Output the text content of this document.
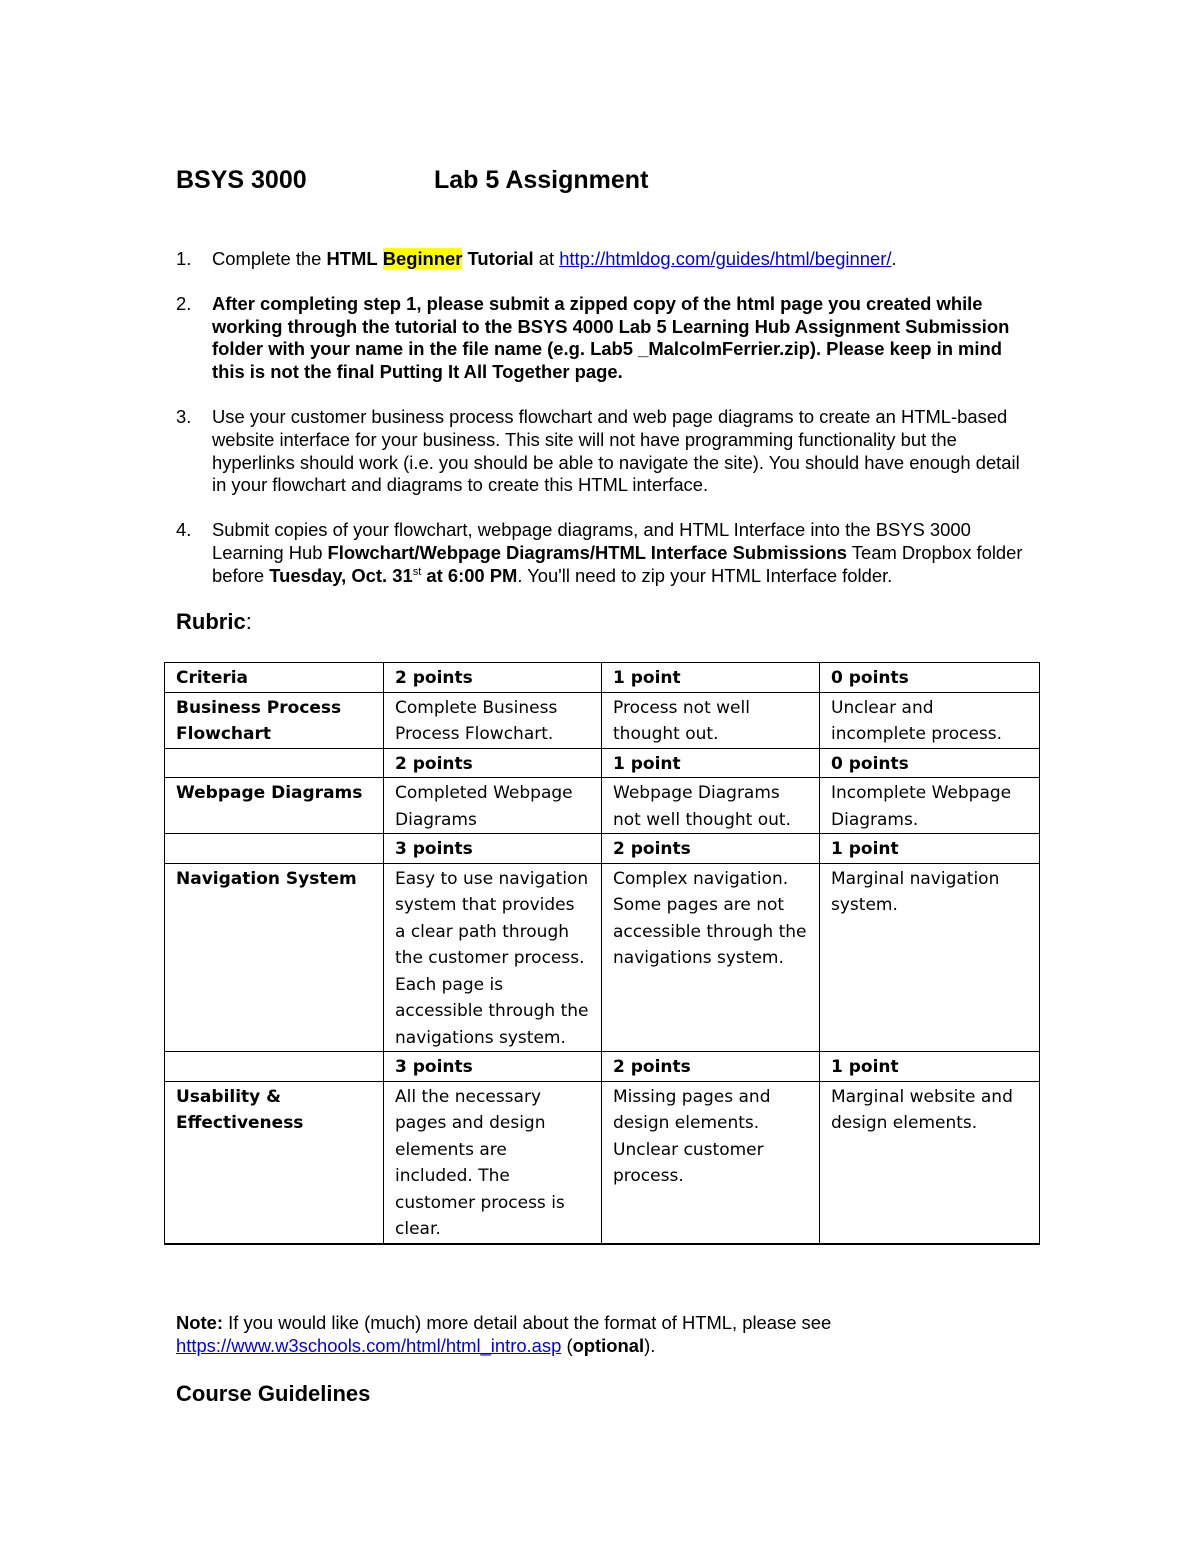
BSYS 3000	Lab 5 Assignment
1. Complete the HTML Beginner Tutorial at http://htmldog.com/guides/html/beginner/.
2. After completing step 1, please submit a zipped copy of the html page you created while working through the tutorial to the BSYS 4000 Lab 5 Learning Hub Assignment Submission folder with your name in the file name (e.g. Lab5 _MalcolmFerrier.zip). Please keep in mind this is not the final Putting It All Together page.
3. Use your customer business process flowchart and web page diagrams to create an HTML-based website interface for your business. This site will not have programming functionality but the hyperlinks should work (i.e. you should be able to navigate the site). You should have enough detail in your flowchart and diagrams to create this HTML interface.
4. Submit copies of your flowchart, webpage diagrams, and HTML Interface into the BSYS 3000 Learning Hub Flowchart/Webpage Diagrams/HTML Interface Submissions Team Dropbox folder before Tuesday, Oct. 31st at 6:00 PM. You'll need to zip your HTML Interface folder.
Rubric:
Criteria	2 points	1 point	0 points
Business Process Flowchart	Complete Business Process Flowchart.	Process not well thought out.	Unclear and incomplete process.
	2 points	1 point	0 points
Webpage Diagrams	Completed Webpage Diagrams	Webpage Diagrams not well thought out.	Incomplete Webpage Diagrams.
	3 points	2 points	1 point
Navigation System	Easy to use navigation system that provides a clear path through the customer process. Each page is accessible through the navigations system.	Complex navigation. Some pages are not accessible through the navigations system.	Marginal navigation system.
	3 points	2 points	1 point
Usability & Effectiveness	All the necessary pages and design elements are included. The customer process is clear.	Missing pages and design elements. Unclear customer process.	Marginal website and design elements.
Note: If you would like (much) more detail about the format of HTML, please see https://www.w3schools.com/html/html_intro.asp (optional).
Course Guidelines
